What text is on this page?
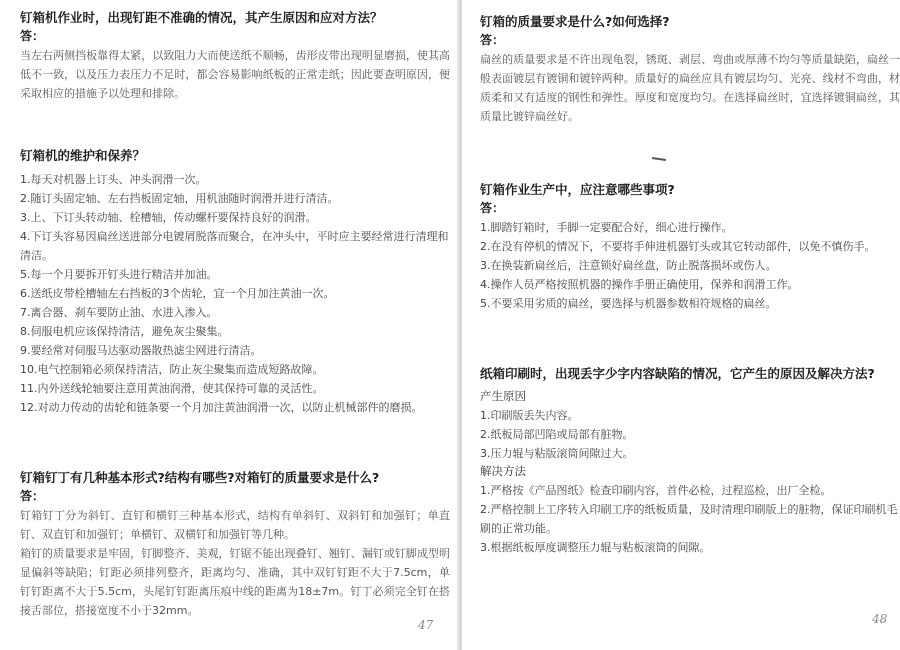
钉箱机作业时，出现钉距不准确的情况，其产生原因和应对方法？
答：

当左右两侧挡板靠得太紧，以致阻力大而使送纸不顺畅，齿形皮带出现明显磨损，使其高低不一致，以及压力表压力不足时，都会容易影响纸板的正常走纸；因此要查明原因，便采取相应的措施予以处理和排除。

钉箱机的维护和保养？
1.每天对机器上订头、冲头润滑一次。
2.随订头固定轴、左右挡板固定轴，用机油随时润滑并进行清洁。
3.上、下订头转动轴、栓槽轴，传动螺杆要保持良好的润滑。
4.下订头容易因扁丝送进部分电镀屑脱落而聚合，在冲头中，平时应主要经常进行清理和清洁。
5.每一个月要拆开钉头进行精洁并加油。
6.送纸皮带栓槽轴左右挡板的3个齿轮，宜一个月加注黄油一次。
7.离合器、刹车要防止油、水进入渗入。
8.伺服电机应该保持清洁，避免灰尘聚集。
9.要经常对伺服马达驱动器散热滤尘网进行清洁。
10.电气控制箱必须保持清洁，防止灰尘聚集而造成短路故障。
11.内外送线轮轴要注意用黄油润滑，使其保持可靠的灵活性。
12.对动力传动的齿轮和链条要一个月加注黄油润滑一次，以防止机械部件的磨损。
钉箱钉丁有几种基本形式?结构有哪些?对箱钉的质量要求是什么?
答：

钉箱钉丁分为斜钉、直钉和横钉三种基本形式，结构有单斜钉、双斜钉和加强钉；单直钉、双直钉和加强钉；单横钉、双横钉和加强钉等几种。

箱钉的质量要求是牢固，钉脚整齐、美观，钉锯不能出现叠钉、翘钉、漏钉或钉脚成型明显偏斜等缺陷；钉距必须排列整齐，距离均匀、准确，其中双钉钉距不大于7.5cm，单钉钉距离不大于5.5cm，头尾钉钉距离压痕中线的距离为18±7m。钉丁必须完全钉在搭接舌部位，搭接宽度不小于32mm。

47
钉箱的质量要求是什么?如何选择?
答：

扁丝的质量要求是不许出现龟裂，锈斑、剥层、弯曲或厚薄不均匀等质量缺陷，扁丝一般表面镀层有镀铜和镀锌两种。质量好的扁丝应具有镀层均匀、光亮、线材不弯曲，材质柔和又有适度的钢性和弹性。厚度和宽度均匀。在选择扁丝时，宜选择镀铜扁丝，其质量比镀锌扁丝好。

钉箱作业生产中，应注意哪些事项?
答：
1.脚踏钉箱时，手脚一定要配合好，细心进行操作。
2.在没有停机的情况下，不要将手伸进机器钉头或其它转动部件，以免不慎伤手。
3.在换装新扁丝后，注意锁好扁丝盘，防止脱落损坏或伤人。
4.操作人员严格按照机器的操作手册正确使用，保养和润滑工作。
5.不要采用劣质的扁丝，要选择与机器参数相符规格的扁丝。
纸箱印刷时，出现丢字少字内容缺陷的情况，它产生的原因及解决方法?
产生原因
1.印刷版丢失内容。
2.纸板局部凹陷或局部有脏物。
3.压力辊与粘版滚筒间隙过大。
解决方法
1.严格按《产品图纸》检查印刷内容，首件必检，过程巡检，出厂全检。
2.严格控制上工序转入印刷工序的纸板质量，及时清理印刷版上的脏物，保证印刷机毛刷的正常功能。
3.根据纸板厚度调整压力辊与粘板滚筒的间隙。
48
